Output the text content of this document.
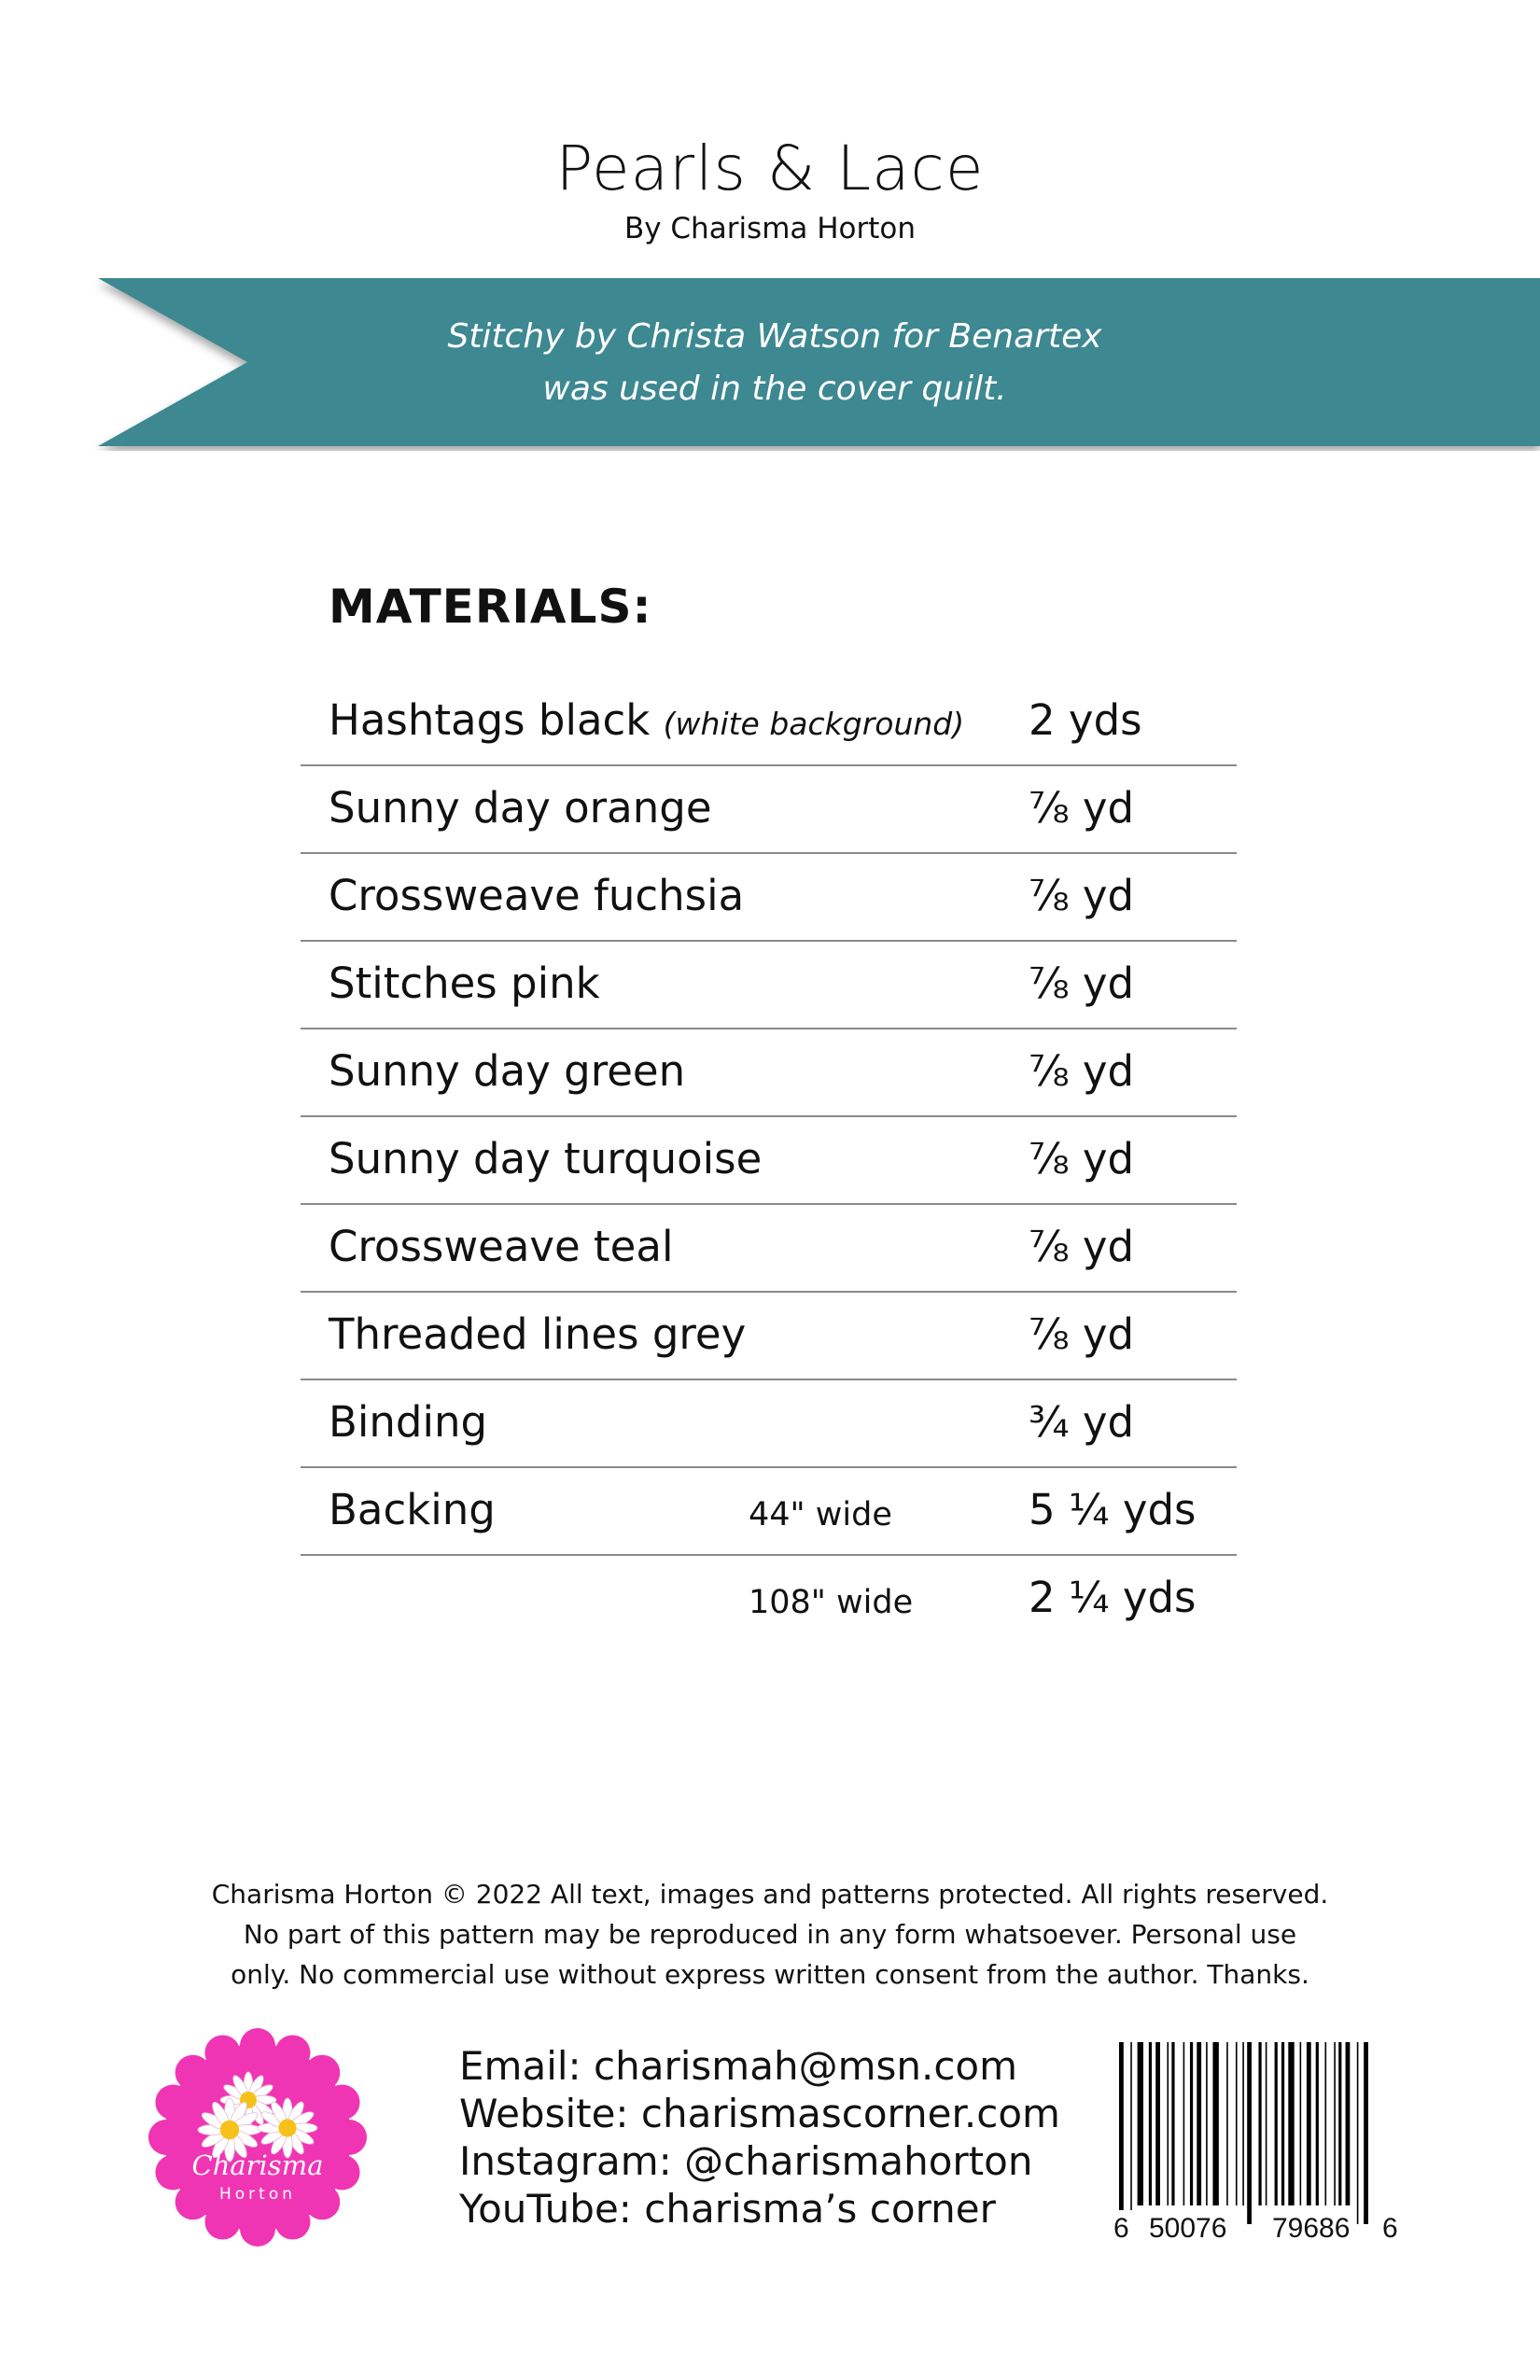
Pearls & Lace
By Charisma Horton
Stitchy by Christa Watson for Benartex
was used in the cover quilt.
MATERIALS:
Hashtags black (white background) 2 yds
Sunny day orange	⅞ yd
Crossweave fuchsia	⅞ yd
Stitches pink	⅞ yd
Sunny day green	⅞ yd
Sunny day turquoise	⅞ yd
Crossweave teal	⅞ yd
Threaded lines grey	⅞ yd
Binding	¾ yd
Backing	44" wide	5 ¼ yds
108" wide	2 ¼ yds
Charisma Horton © 2022 All text, images and patterns protected. All rights reserved.
No part of this pattern may be reproduced in any form whatsoever. Personal use
only. No commercial use without express written consent from the author. Thanks.
Charisma
Horton
Email: charismah@msn.com
Website: charismascorner.com
Instagram: @charismahorton
YouTube: charisma’s corner	6 50076 79686 6
